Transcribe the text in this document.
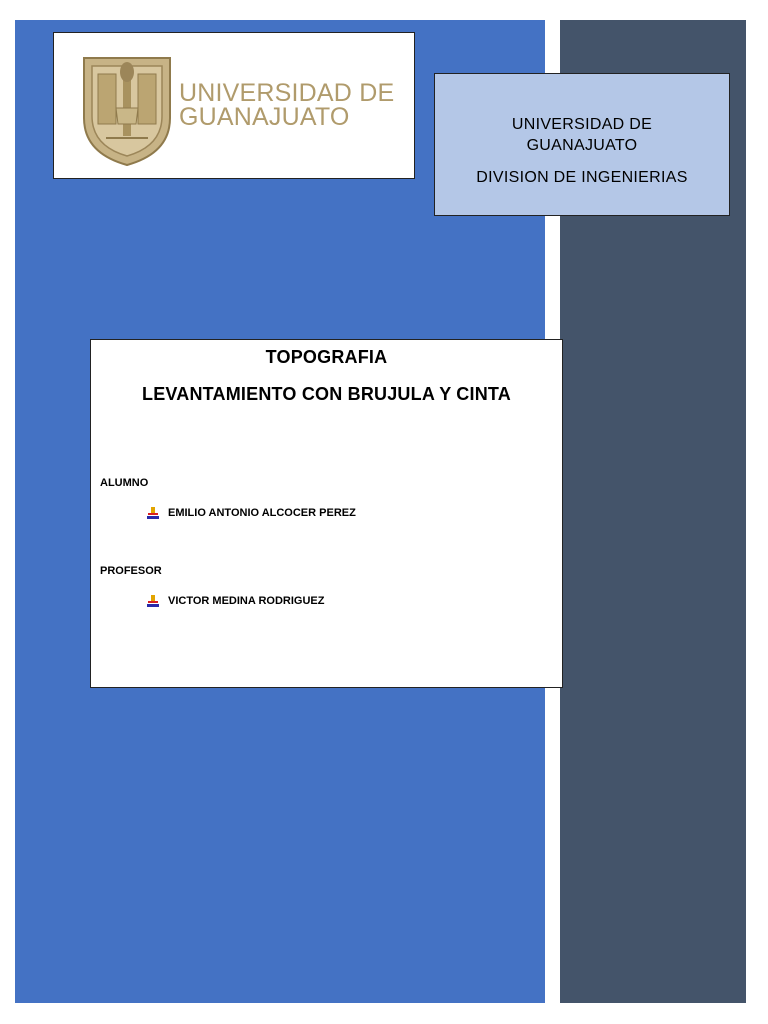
UNIVERSIDAD DE
GUANAJUATO	UNIVERSIDAD DE
GUANAJUATO
DIVISION DE INGENIERIAS
TOPOGRAFIA
LEVANTAMIENTO CON BRUJULA Y CINTA
ALUMNO
EMILIO ANTONIO ALCOCER PEREZ
PROFESOR
VICTOR MEDINA RODRIGUEZ
